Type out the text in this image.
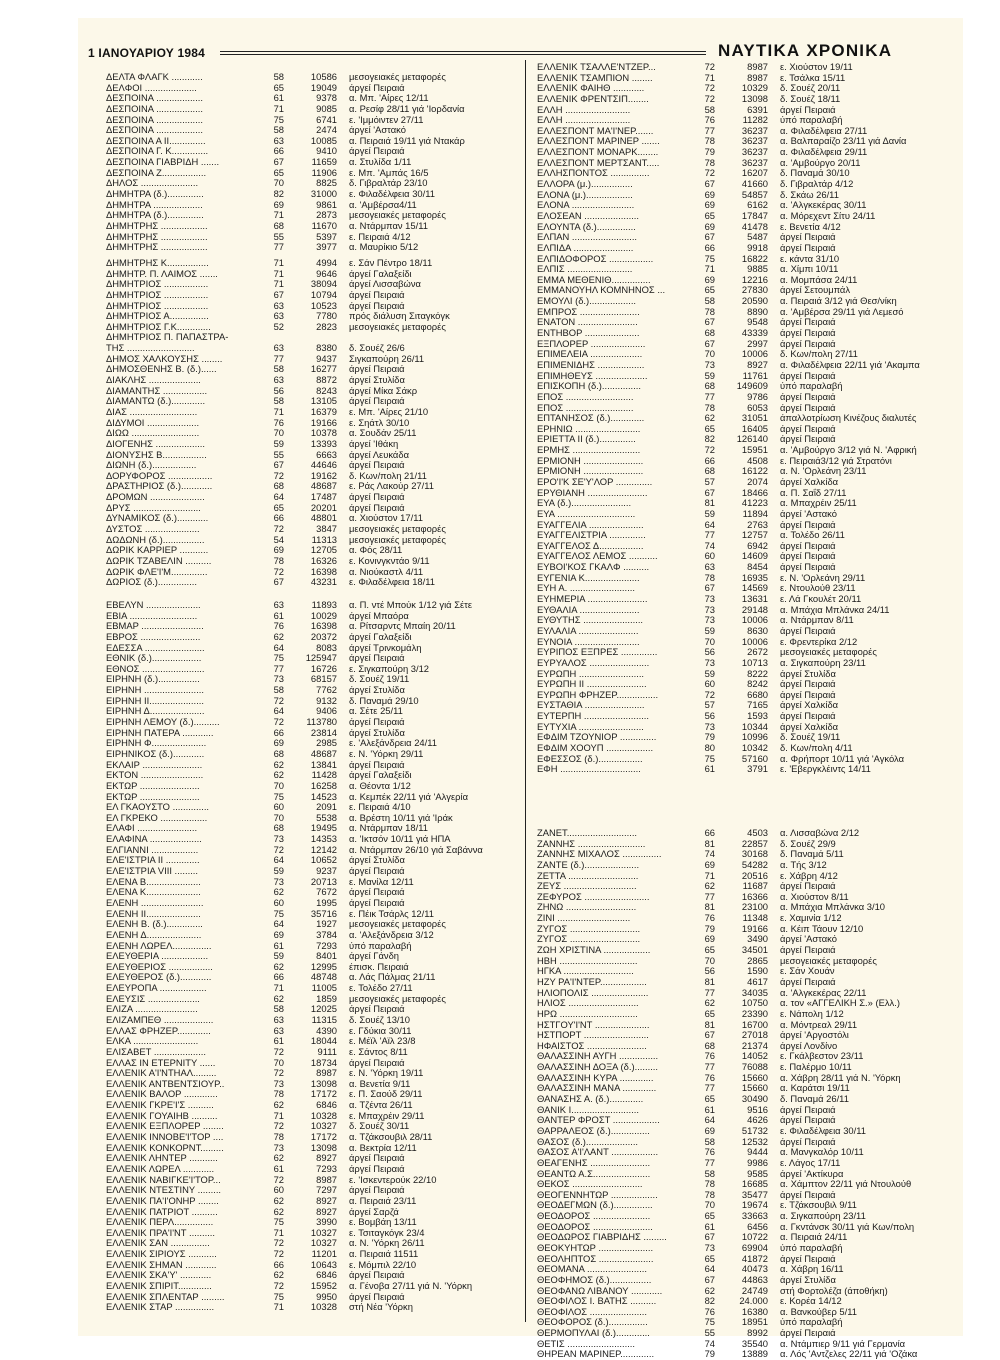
1 ΙΑΝΟΥΑΡΙΟΥ 1984	ΝΑΥΤΙΚΑ ΧΡΟΝΙΚΑ
ΔΕΛΤΑ ΦΛΑΓΚ ............	58	10586	μεσογειακές μεταφορές
ΔΕΛΦΟΙ ....................	65	19049	άργεί Πειραιά
ΔΕΣΠΟΙΝΑ ..................	61	9378	α. Μπ. 'Αίρες 12/11
ΔΕΣΠΟΙΝΑ ..................	71	9085	α. Ρεσίφ 28/11 γιά 'Ιορδανία
ΔΕΣΠΟΙΝΑ ..................	75	6741	ε. 'Ιμμόιντεν 27/11
ΔΕΣΠΟΙΝΑ ..................	58	2474	άργεί 'Αστακό
ΔΕΣΠΟΙΝΑ Α ΙΙ..............	63	10085	α. Πειραιά 19/11 γιά Ντακάρ
ΔΕΣΠΟΙΝΑ Γ. Κ..............	66	9410	άργεί Πειραιά
ΔΕΣΠΟΙΝΑ ΓΙΑΒΡΙΔΗ .......	67	11659	α. Στυλίδα 1/11
ΔΕΣΠΟΙΝΑ Ζ.................	65	11906	ε. Μπ. 'Αμπάς 16/5
ΔΗΛΟΣ ......................	70	8825	δ. Γιβραλτάρ 23/10
ΔΗΜΗΤΡΑ (δ.)..............	82	31000	ε. Φιλαδέλφεια 30/11
ΔΗΜΗΤΡΑ ...................	69	9861	α. 'Αμβέρσα4/11
ΔΗΜΗΤΡΑ (δ.)..............	71	2873	μεσογειακές μεταφορές
ΔΗΜΗΤΡΗΣ ..................	68	11670	α. Ντάρμπαν 15/11
ΔΗΜΗΤΡΗΣ ..................	55	5397	ε. Πειραιά 4/12
ΔΗΜΗΤΡΗΣ ..................	77	3977	α. Μαυρίκιο 5/12
ΔΗΜΗΤΡΗΣ Κ................	71	4994	ε. Σάν Πέντρο 18/11
ΔΗΜΗΤΡ. Π. ΛΑΙΜΟΣ .......	71	9646	άργεί Γαλαξείδι
ΔΗΜΗΤΡΙΟΣ .................	71	38094	άργεί Λισσαβώνα
ΔΗΜΗΤΡΙΟΣ .................	67	10794	άργεί Πειραιά
ΔΗΜΗΤΡΙΟΣ .................	63	10523	άργεί Πειραιά
ΔΗΜΗΤΡΙΟΣ Α...............	63	7780	πρός διάλυση Σιταγκόγκ
ΔΗΜΗΤΡΙΟΣ Γ.Κ.............	52	2823	μεσογειακές μεταφορές
ΔΗΜΗΤΡΙΟΣ Π. ΠΑΠΑΣΤΡΑ-
ΤΗΣ ..........................	63	8380	δ. Σουέζ 26/6
ΔΗΜΟΣ ΧΑΛΚΟΥΣΗΣ ........	77	9437	Σιγκαπούρη 26/11
ΔΗΜΟΣΘΕΝΗΣ Β. (δ.)......	58	16277	άργεί Πειραιά
ΔΙΑΚΛΗΣ ....................	63	8872	άργεί Στυλίδα
ΔΙΑΜΑΝΤΗΣ .................	56	8243	άργεί Μίκα Σάκρ
ΔΙΑΜΑΝΤΩ (δ.).............	58	13105	άργεί Πειραιά
ΔΙΑΣ ..........................	71	16379	ε. Μπ. 'Αίρες 21/10
ΔΙΔΥΜΟΙ ....................	76	19166	ε. Σηάτλ 30/10
ΔΙΩΩ ..........................	70	10378	α. Σουδάν 25/11
ΔΙΟΓΕΝΗΣ ...................	59	13393	άργεί 'Ιθάκη
ΔΙΟΝΥΣΗΣ Β.................	55	6663	άργεί Λευκάδα
ΔΙΩΝΗ (δ.).................	67	44646	άργεί Πειραιά
ΔΟΡΥΦΟΡΟΣ .................	72	19162	δ. Κων/πολη 21/11
ΔΡΑΣΤΗΡΙΟΣ (δ.)............	68	48687	ε. Ράς Λακούρ 27/11
ΔΡΟΜΩΝ .....................	64	17487	άργεί Πειραιά
ΔΡΥΣ ..........................	65	20201	άργεί Πειραιά
ΔΥΝΑΜΙΚΟΣ (δ.)............	66	48801	α. Χιούστον 17/11
ΔΥΣΤΟΣ .....................	72	3847	μεσογειακές μεταφορές
ΔΩΔΩΝΗ (δ.)................	54	11313	μεσογειακές μεταφορές
ΔΩΡΙΚ ΚΑΡΡΙΕΡ ...........	69	12705	α. Φός 28/11
ΔΩΡΙΚ ΤΖΑΒΕΛΙΝ ..........	78	16326	ε. Κονινγκντάο 9/11
ΔΩΡΙΚ ΦΛΕ'Ι'Μ..............	72	16398	α. Νιούκαστλ 4/11
ΔΩΡΙΟΣ (δ.)...............	67	43231	ε. Φιλαδέλφεια 18/11
ΕΒΕΛΥΝ .....................	63	11893	α. Π. ντέ Μπούκ 1/12 γιά Σέτε
ΕΒΙΑ ..........................	61	10029	άργεί Μπαόρα
ΕΒΜΑΡ ........................	76	16398	α. Ρίτσαρντς Μπαίη 20/11
ΕΒΡΟΣ .......................	62	20372	άργεί Γαλαξείδι
ΕΔΕΣΣΑ .......................	64	8083	άργεί Τρινκομάλη
ΕΘΝΙΚ (δ.)...................	75	125947	άργεί Πειραιά
ΕΘΝΟΣ ........................	77	16726	ε. Σιγκαπούρη 3/12
ΕΙΡΗΝΗ (δ.)................	73	68157	δ. Σουέζ 19/11
ΕΙΡΗΝΗ .......................	58	7762	άργεί Στυλίδα
ΕΙΡΗΝΗ ΙΙ.....................	72	9132	δ. Παναμά 29/10
ΕΙΡΗΝΗ Δ.....................	64	9406	α. Σέτε 25/11
ΕΙΡΗΝΗ ΛΕΜΟΥ (δ.)..........	72	113780	άργεί Πειραιά
ΕΙΡΗΝΗ ΠΑΤΕΡΑ ............	66	23814	άργεί Στυλίδα
ΕΙΡΗΝΗ Φ.....................	69	2985	ε. 'Αλεξάνδρεια 24/11
ΕΙΡΗΝΙΚΟΣ (δ.)............	68	48687	ε. Ν. 'Υόρκη 29/11
ΕΚΛΑΙΡ .......................	62	13841	άργεί Πειραιά
ΕΚΤΟΝ ........................	62	11428	άργεί Γαλαξείδι
ΕΚΤΩΡ .......................	70	16258	α. Θέοντα 1/12
ΕΚΤΩΡ .......................	75	14523	α. Κεμπέκ 22/11 γιά 'Αλγερία
ΕΛ ΓΚΑΟΥΣΤΟ ..............	60	2091	ε. Πειραιά 4/10
ΕΛ ΓΚΡΕΚΟ ..................	70	5538	α. Βρέστη 10/11 γιά 'Ιράκ
ΕΛΑΦΙ .......................	68	19495	α. Ντάρμπαν 18/11
ΕΛΑΦΙΝΑ ....................	73	14353	α. 'Ικτσόν 10/11 γιά ΗΠΑ
ΕΛΓΙΑΝΝΙ ..................	72	12142	α. Ντάρμπαν 26/10 γιά Σαβάννα
ΕΛΕ'ΙΣΤΡΙΑ ΙΙ .............	64	10652	άργεί Στυλίδα
ΕΛΕ'ΙΣΤΡΙΑ VIII .........	59	9237	άργεί Πειραιά
ΕΛΕΝΑ Β.....................	73	20713	ε. Μανίλα 12/11
ΕΛΕΝΑ Κ.....................	62	7672	άργεί Πειραιά
ΕΛΕΝΗ ........................	60	1995	άργεί Πειραιά
ΕΛΕΝΗ ΙΙ.....................	75	35716	ε. Πέικ Τσάρλς 12/11
ΕΛΕΝΗ Β. (δ.)..............	64	1927	μεσογειακές μεταφορές
ΕΛΕΝΗ Δ.....................	69	3784	α. 'Αλεξάνδρεια 3/12
ΕΛΕΝΗ ΛΩΡΕΛ...............	61	7293	ύπό παραλαβή
ΕΛΕΥΘΕΡΙΑ ..................	59	8401	άργεί Γάνδη
ΕΛΕΥΘΕΡΙΟΣ .................	62	12995	έπισκ. Πειραιά
ΕΛΕΥΘΕΡΟΣ (δ.)............	66	48748	α. Λάς Πάλμας 21/11
ΕΛΕΥΡΟΠΑ ..................	71	11005	ε. Τολέδο 27/11
ΕΛΕΥΣΙΣ ....................	62	1859	μεσογειακές μεταφορές
ΕΛΙΖΑ ........................	58	12025	άργεί Πειραιά
ΕΛΙΖΑΜΠΕΘ ...................	63	11315	δ. Σουέζ 13/10
ΕΛΛΑΣ ΦΡΗΖΕΡ.............	63	4390	ε. Γδύκια 30/11
ΕΛΚΑ .........................	61	18044	ε. Μέϊλ 'Αϊλ 23/8
ΕΛΙΣΑΒΕΤ ....................	72	9111	ε. Σάντος 8/11
ΕΛΛΑΣ ΙΝ ΕΤΕΡΝΙΤΥ ......	70	18734	άργεί Πειραιά
ΕΛΛΕΝΙΚ Α'Ι'ΝΤΗΑΛ.........	72	8987	ε. Ν. 'Υόρκη 19/11
ΕΛΛΕΝΙΚ ΑΝΤΒΕΝΤΣΙΟΥΡ..	73	13098	α. Βενετία 9/11
ΕΛΛΕΝΙΚ ΒΑΛΟΡ .............	78	17172	ε. Π. Σαούδ 29/11
ΕΛΛΕΝΙΚ ΓΚΡΕ'Ι'Σ ..........	62	6846	α. Τζέντα 26/11
ΕΛΛΕΝΙΚ ΓΟΥΑΙΗΒ ..........	71	10328	ε. Μπαχρέιν 29/11
ΕΛΛΕΝΙΚ ΕΞΠΛΟΡΕΡ ........	72	10327	δ. Σουέζ 30/11
ΕΛΛΕΝΙΚ ΙΝΝΟΒΕ'Ι'ΤΟΡ ....	78	17172	α. Τζάκσουβιλ 28/11
ΕΛΛΕΝΙΚ ΚΟΝΚΟΡΝΤ.........	73	13098	α. Βεκτρία 12/11
ΕΛΛΕΝΙΚ ΛΗΝΤΕΡ ...........	62	8927	άργεί Πειραιά
ΕΛΛΕΝΙΚ ΛΩΡΕΛ ............	61	7293	άργεί Πειραιά
ΕΛΛΕΝΙΚ ΝΑΒΙΓΚΕ'Ι'ΤΟΡ...	72	8987	ε. 'Ισκεντερούκ 22/10
ΕΛΛΕΝΙΚ ΝΤΕΣΤΙΝΥ .........	60	7297	άργεί Πειραιά
ΕΛΛΕΝΙΚ ΠΑ'Ι'ΟΝΗΡ ........	62	8927	α. Πειραιά 23/11
ΕΛΛΕΝΙΚ ΠΑΤΡΙΟΤ ..........	62	8927	άργεί Σαρζά
ΕΛΛΕΝΙΚ ΠΕΡΛ...............	75	3990	ε. Βομβάη 13/11
ΕΛΛΕΝΙΚ ΠΡΑ'Ι'ΝΤ ..........	71	10327	ε. Τσιταγκόγκ 23/4
ΕΛΛΕΝΙΚ ΣΑΝ ...............	72	10327	α. Ν. 'Υόρκη 26/11
ΕΛΛΕΝΙΚ ΣΙΡΙΟΥΣ ...........	72	11201	α. Πειραιά 11511
ΕΛΛΕΝΙΚ ΣΗΜΑΝ ............	66	10643	ε. Μόμπιλ 22/10
ΕΛΛΕΝΙΚ ΣΚΑ'Υ' ............	62	6846	άργεί Πειραιά
ΕΛΛΕΝΙΚ ΣΠΙΡΙΤ.............	72	15952	α. Γένοβα 27/11 γιά Ν. 'Υόρκη
ΕΛΛΕΝΙΚ ΣΠΛΕΝΤΑΡ .........	75	9950	άργεί Πειραιά
ΕΛΛΕΝΙΚ ΣΤΑΡ ...............	71	10328	στή Νέα 'Υόρκη
ΕΛΛΕΝΙΚ ΤΣΑΛΛΕ'ΝΤΖΕΡ...	72	8987	ε. Χιούστον 19/11
ΕΛΛΕΝΙΚ ΤΣΑΜΠΙΟΝ ........	71	8987	ε. Τσάλκα 15/11
ΕΛΛΕΝΙΚ ΦΑΙΗΘ ............	72	10329	δ. Σουέζ 20/11
ΕΛΛΕΝΙΚ ΦΡΕΝΤΣΙΠ........	72	13098	δ. Σουέζ 18/11
ΕΛΛΗ .........................	58	6391	άργεί Πειραιά
ΕΛΛΗ .........................	76	11282	ύπό παραλαβή
ΕΛΛΕΣΠΟΝΤ ΜΑ'Ι'ΝΕΡ.......	77	36237	α. Φιλαδέλφεια 27/11
ΕΛΛΕΣΠΟΝΤ ΜΑΡΙΝΕΡ .......	78	36237	α. Βαλπαραίζο 23/11 γιά Δανία
ΕΛΛΕΣΠΟΝΤ ΜΟΝΑΡΚ........	79	36237	α. Φιλαδέλφεια 29/11
ΕΛΛΕΣΠΟΝΤ ΜΕΡΤΣΑΝΤ.....	78	36237	α. 'Αμβούργο 20/11
ΕΛΛΗΣΠΟΝΤΟΣ ...............	72	16207	δ. Παναμά 30/10
ΕΛΛΟΡΑ (μ.)................	67	41660	δ. Γιβραλτάρ 4/12
ΕΛΟΝΑ (μ.)..................	69	54857	δ. Σκάω 26/11
ΕΛΟΝΑ ........................	69	6162	α. 'Αλγκεκέρας 30/11
ΕΛΟΣΕΑΝ .....................	65	17847	α. Μόρεχεντ Σίτυ 24/11
ΕΛΟΥΝΤΑ (δ.)...............	69	41478	ε. Βενετία 4/12
ΕΛΠΑΝ .........................	67	5487	άργεί Πειραιά
ΕΛΠΙΔΑ .......................	66	9918	άργεί Πειραιά
ΕΛΠΙΔΟΦΟΡΟΣ .................	75	16822	ε. κάντα 31/10
ΕΛΠΙΣ .........................	71	9885	α. Χίμπι 10/11
ΕΜΜΑ ΜΕΘΕΝΙΘ...............	69	12216	α. Μομπάσα 24/11
ΕΜΜΑΝΟΥΗΛ ΚΟΜΝΗΝΟΣ ...	65	27830	άργεί Σετουμπάλ
ΕΜΟΥΛΙ (δ.)..................	58	20590	α. Πειραιά 3/12 γιά Θεσ/νίκη
ΕΜΠΡΟΣ .......................	78	8890	α. 'Αμβέρσα 29/11 γιά Λεμεσό
ΕΝΑΤΟΝ .......................	67	9548	άργεί Πειραιά
ΕΝΤΗΒΟΡ .....................	68	43339	άργεί Πειραιά
ΕΞΠΛΟΡΕΡ .....................	67	2997	άργεί Πειραιά
ΕΠΙΜΕΛΕΙΑ ....................	70	10006	δ. Κων/πολη 27/11
ΕΠΙΜΕΝΙΔΗΣ ..................	73	8927	α. Φιλαδέλφεια 22/11 γιά 'Ακαμπα
ΕΠΙΜΗΘΕΥΣ ....................	59	11761	άργεί Πειραιά
ΕΠΙΣΚΟΠΗ (δ.)...............	68	149609	ύπό παραλαβή
ΕΠΟΣ ..........................	77	9786	άργεί Πειραιά
ΕΠΟΣ ..........................	78	6053	άργεί Πειραιά
ΕΠΤΑΝΗΣΟΣ (δ.).............	62	31051	άπαλλοτρίωση Κινέζους διαλυτές
ΕΡΗΝΙΩ .........................	65	16405	άργεί Πειραιά
ΕΡΙΕΤΤΑ ΙΙ (δ.)..............	82	126140	άργεί Πειραιά
ΕΡΜΗΣ ..........................	72	15951	α. 'Αμβούργο 3/12 γιά Ν. 'Αφρική
ΕΡΜΙΟΝΗ .......................	66	4508	ε. Πειραιά3/12 γιά Στρατόνι
ΕΡΜΙΟΝΗ .......................	68	16122	α. Ν. 'Ορλεάνη 23/11
ΕΡΟ'Ι'Κ ΣΕ'Υ'ΛΟΡ ..............	57	2074	άργεί Χαλκίδα
ΕΡΥΘΙΑΝΗ .......................	67	18466	α. Π. Σαΐδ 27/11
ΕΥΑ (δ.).......................	81	41223	α. Μπαχρέιν 25/11
ΕΥΑ ..............................	59	11894	άργεί 'Αστακό
ΕΥΑΓΓΕΛΙΑ .....................	64	2763	άργεί Πειραιά
ΕΥΑΓΓΕΛΙΣΤΡΙΑ ..............	77	12757	α. Τολέδο 26/11
ΕΥΑΓΓΕΛΟΣ Δ.................	74	6942	άργεί Πειραιά
ΕΥΑΓΓΕΛΟΣ ΛΕΜΟΣ ...........	60	14609	άργεί Πειραιά
ΕΥΒΟΙ'ΚΟΣ ΓΚΑΛΦ ..........	63	8454	άργεί Πειραιά
ΕΥΓΕΝΙΑ Κ.....................	78	16935	ε. Ν. 'Ορλεάνη 29/11
ΕΥΗ Α. .........................	67	14569	ε. Ντουλούθ 23/11
ΕΥΗΜΕΡΙΑ .......................	73	13631	ε. Λά Γκουλέτ 20/11
ΕΥΘΑΛΙΑ .......................	73	29148	α. Μπάχια Μπλάνκα 24/11
ΕΥΘΥΤΗΣ .......................	73	10006	α. Ντάρμπαν 8/11
ΕΥΛΑΛΙΑ .......................	59	8630	άργεί Πειραιά
ΕΥΝΟΙΑ .........................	70	10006	ε. Φρεντερίκα 2/12
ΕΥΡΙΠΟΣ ΕΞΠΡΕΣ ..............	56	2672	μεσογειακές μεταφορές
ΕΥΡΥΑΛΟΣ .......................	73	10713	α. Σιγκαπούρη 23/11
ΕΥΡΩΠΗ .........................	59	8222	άργεί Στυλίδα
ΕΥΡΩΠΗ ΙΙ .......................	60	8242	άργεί Πειραιά
ΕΥΡΩΠΗ ΦΡΗΖΕΡ................	72	6680	άργεί Πειραιά
ΕΥΣΤΑΘΙΑ .......................	57	7165	άργεί Χαλκίδα
ΕΥΤΕΡΠΗ .........................	56	1593	άργεί Πειραιά
ΕΥΤΥΧΙΑ .........................	73	10344	άργεί Χαλκίδα
ΕΦΔΙΜ ΤΖΟΥΝΙΟΡ ..............	79	10996	δ. Σουέζ 19/11
ΕΦΔΙΜ ΧΟΟΥΠ ..................	80	10342	δ. Κων/πολη 4/11
ΕΦΕΣΣΟΣ (δ.).................	75	57160	α. Φρήπορτ 10/11 γιά 'Αγκόλα
ΕΦΗ ...............................	61	3791	ε. 'Εβεργκλέιντς 14/11
ΖΑΝΕΤ...........................	66	4503	α. Λισσαβώνα 2/12
ΖΑΝΝΗΣ ..........................	81	22857	δ. Σουέζ 29/9
ΖΑΝΝΗΣ ΜΙΧΑΛΟΣ ...............	74	30168	δ. Παναμά 5/11
ΖΑΝΤΕ (δ.).....................	69	54282	α. Τής 3/12
ΖΕΤΤΑ ...........................	71	20516	ε. Χάβρη 4/12
ΖΕΥΣ ............................	62	11687	άργεί Πειραιά
ΖΕΦΥΡΟΣ .........................	77	16366	α. Χιούστον 8/11
ΖΗΝΩ ...........................	81	23100	α. Μπάχια Μπλάνκα 3/10
ΖΙΝΙ ............................	76	11348	ε. Χαμινία 1/12
ΖΥΓΟΣ ...........................	79	19166	α. Κέιπ Τάουν 12/10
ΖΥΓΟΣ ...........................	69	3490	άργεί 'Αστακό
ΖΩΗ ΧΡΙΣΤΙΝΑ ..................	65	34501	άργεί Πειραιά
ΗΒΗ ..............................	70	2865	μεσογειακές μεταφορές
ΗΓΚΑ ...........................	56	1590	ε. Σάν Χουάν
ΗΖΥ ΡΑ'Ι'ΝΤΕΡ..................	81	4617	άργεί Πειραιά
ΗΛΙΟΠΟΛΙΣ ......................	77	34035	α. 'Αλγκεκέρας 22/11
ΗΛΙΟΣ ...........................	62	10750	α. τον «ΑΓΓΕΛΙΚΗ Σ.» (Ελλ.)
ΗΡΩ ..............................	65	23390	ε. Νάπολη 1/12
ΗΣΤΓΟΥ'Ι'ΝΤ .....................	81	16700	α. Μόντρεαλ 29/11
ΗΣΤΠΟΡΤ .........................	67	27018	άργεί 'Αργοστόλι
ΗΦΑΙΣΤΟΣ .......................	68	21374	άργεί Λονδίνο
ΘΑΛΑΣΣΙΝΗ ΑΥΓΗ ...............	76	14052	ε. Γκάλβεστον 23/11
ΘΑΛΑΣΣΙΝΗ ΔΟΞΑ (δ.).........	77	76088	ε. Παλέρμο 10/11
ΘΑΛΑΣΣΙΝΗ ΚΥΡΑ .............	76	15660	α. Χάβρη 28/11 γιά Ν. 'Υόρκη
ΘΑΛΑΣΣΙΝΗ ΜΑΝΑ .............	77	15660	α. Καράτσι 19/11
ΘΑΝΑΣΗΣ Α. (δ.).............	65	30490	δ. Παναμά 26/11
ΘΑΝΙΚ Ι..........................	61	9516	άργεί Πειραιά
ΘΑΝΤΕΡ ΦΡΟΣΤ ..................	64	4626	άργεί Πειραιά
ΘΑΡΡΑΛΕΟΣ (δ.)...............	69	51732	ε. Φιλαδέλφεια 30/11
ΘΑΣΟΣ (δ.)....................	58	12532	άργεί Πειραιά
ΘΑΣΟΣ Α'Ι'ΛΑΝΤ ..................	76	9444	α. Μανγκαλόρ 10/11
ΘΕΑΓΕΝΗΣ .......................	77	9986	ε. Λάγος 17/11
ΘΕΑΝΤΩ Α.Σ......................	58	9585	άργεί 'Ακτίκυρα
ΘΕΚΟΣ ...........................	78	16685	α. Χάμπτον 22/11 γιά Ντουλούθ
ΘΕΟΓΕΝΝΗΤΩΡ ..................	78	35477	άργεί Πειραιά
ΘΕΟΔΕΓΜΩΝ (δ.)...............	70	19674	ε. Τζάκσουβιλ 9/11
ΘΕΟΔΟΡΟΣ ......................	65	33663	α. Σιγκαπούρη 23/11
ΘΕΟΔΟΡΟΣ .......................	61	6456	α. Γκντάνσκ 30/11 γιά Κων/πολη
ΘΕΟΔΩΡΟΣ ΓΙΑΒΡΙΔΗΣ .........	67	10722	α. Πειραιά 24/11
ΘΕΟΚΥΗΤΩΡ .....................	73	69904	ύπό παραλαβή
ΘΕΟΛΗΠΤΟΣ .....................	65	41872	άργεί Πειραιά
ΘΕΟΜΑΝΑ .......................	64	40473	α. Χάβρη 16/11
ΘΕΟΦΗΜΟΣ (δ.)................	67	44863	άργεί Στυλίδα
ΘΕΟΦΑΝΩ ΛΙΒΑΝΟΥ ............	62	24749	στή Φορτολέζα (άποθήκη)
ΘΕΟΦΙΛΟΣ Ι. ΒΑΤΗΣ ..........	82	24.000	ε. Κορέα 14/12
ΘΕΟΦΙΛΟΣ ......................	76	16380	α. Βανκούβερ 5/11
ΘΕΟΦΟΡΟΣ (δ.)...............	75	18951	ύπό παραλαβή
ΘΕΡΜΟΠΥΛΑΙ (δ.).............	55	8992	άργεί Πειραιά
ΘΕΤΙΣ ..........................	74	35540	α. Ντάμπιερ 9/11 γιά Γερμανία
ΘΗΡΕΑΝ ΜΑΡΙΝΕΡ.............	79	13889	α. Λός 'Αντζελες 22/11 γιά 'Οζάκα
